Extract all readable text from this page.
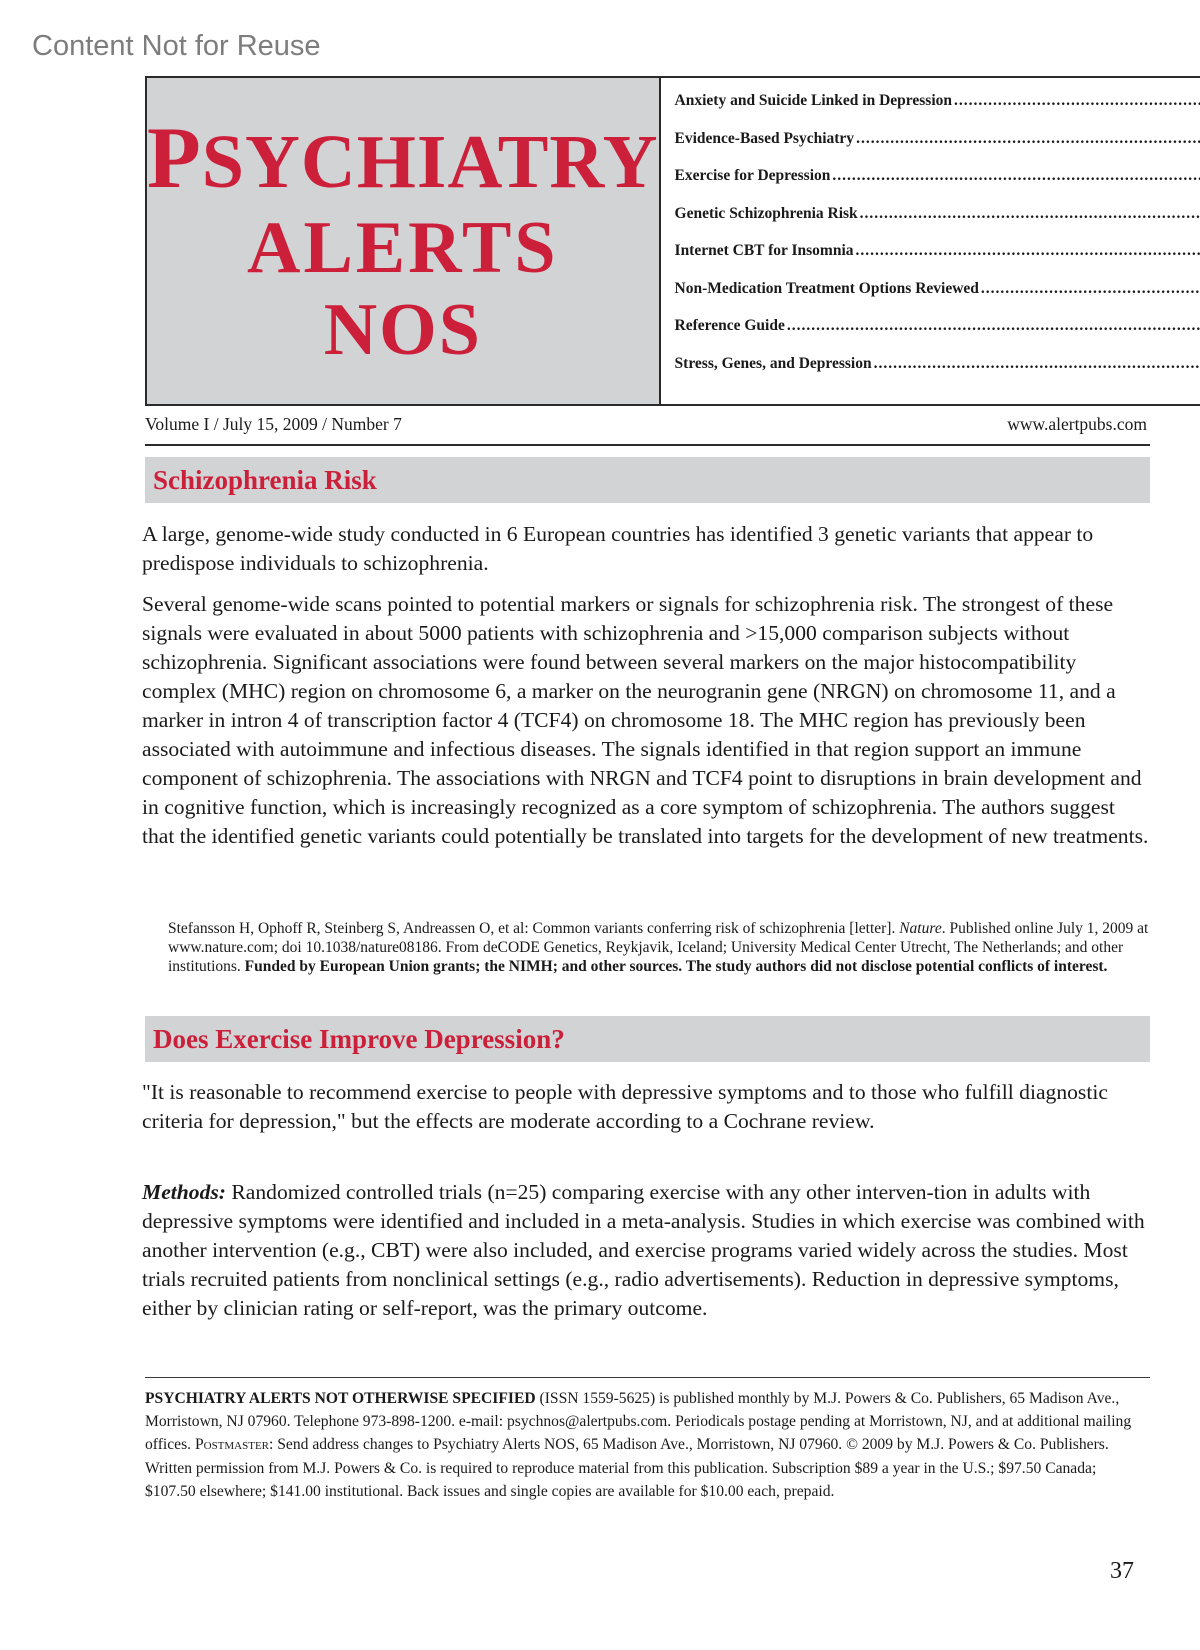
Content Not for Reuse
PSYCHIATRY
ALERTS
NOS
Anxiety and Suicide Linked in Depression
.....
Evidence-Based Psychiatry
.....
Exercise for Depression
.....
Genetic Schizophrenia Risk
.....
Internet CBT for Insomnia
.....
Non-Medication Treatment Options Reviewed
.....
Reference Guide
.....
Stress, Genes, and Depression
.....
Volume I / July 15, 2009 / Number 7	www.alertpubs.com
Schizophrenia Risk

A large, genome-wide study conducted in 6 European countries has identified 3 genetic variants that appear to predispose individuals to schizophrenia.

Several genome-wide scans pointed to potential markers or signals for schizophrenia risk. The strongest of these signals were evaluated in about 5000 patients with schizophrenia and >15,000 comparison subjects without schizophrenia. Significant associations were found between several markers on the major histocompatibility complex (MHC) region on chromosome 6, a marker on the neurogranin gene (NRGN) on chromosome 11, and a marker in intron 4 of transcription factor 4 (TCF4) on chromosome 18. The MHC region has previously been associated with autoimmune and infectious diseases. The signals identified in that region support an immune component of schizophrenia. The associations with NRGN and TCF4 point to disruptions in brain development and in cognitive function, which is increasingly recognized as a core symptom of schizophrenia. The authors suggest that the identified genetic variants could potentially be translated into targets for the development of new treatments.

Stefansson H, Ophoff R, Steinberg S, Andreassen O, et al: Common variants conferring risk of schizophrenia [letter]. Nature. Published online July 1, 2009 at www.nature.com; doi 10.1038/nature08186. From deCODE Genetics, Reykjavik, Iceland; University Medical Center Utrecht, The Netherlands; and other institutions. Funded by European Union grants; the NIMH; and other sources. The study authors did not disclose potential conflicts of interest.

Does Exercise Improve Depression?

"It is reasonable to recommend exercise to people with depressive symptoms and to those who fulfill diagnostic criteria for depression," but the effects are moderate according to a Cochrane review.

Methods: Randomized controlled trials (n=25) comparing exercise with any other interven-tion in adults with depressive symptoms were identified and included in a meta-analysis. Studies in which exercise was combined with another intervention (e.g., CBT) were also included, and exercise programs varied widely across the studies. Most trials recruited patients from nonclinical settings (e.g., radio advertisements). Reduction in depressive symptoms, either by clinician rating or self-report, was the primary outcome.

PSYCHIATRY ALERTS NOT OTHERWISE SPECIFIED (ISSN 1559-5625) is published monthly by M.J. Powers & Co. Publishers, 65 Madison Ave., Morristown, NJ 07960. Telephone 973-898-1200. e-mail: psychnos@alertpubs.com. Periodicals postage pending at Morristown, NJ, and at additional mailing offices. Postmaster: Send address changes to Psychiatry Alerts NOS, 65 Madison Ave., Morristown, NJ 07960. © 2009 by M.J. Powers & Co. Publishers. Written permission from M.J. Powers & Co. is required to reproduce material from this publication. Subscription $89 a year in the U.S.; $97.50 Canada; $107.50 elsewhere; $141.00 institutional. Back issues and single copies are available for $10.00 each, prepaid.

37
